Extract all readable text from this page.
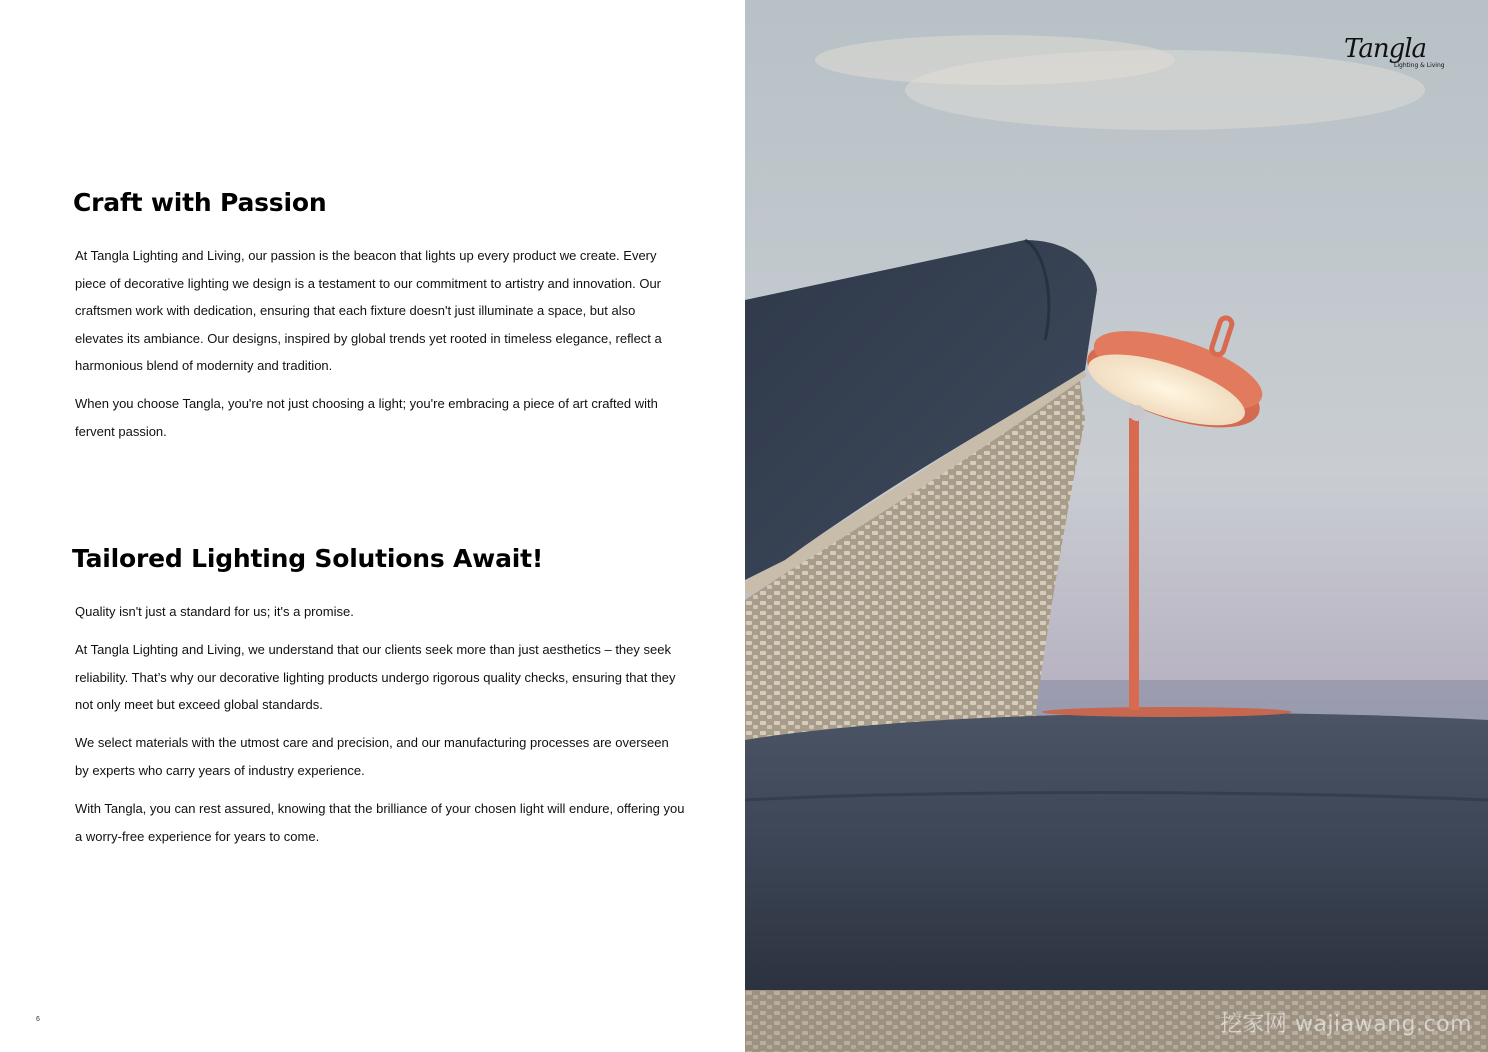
Craft with Passion

At Tangla Lighting and Living, our passion is the beacon that lights up every product we create. Every piece of decorative lighting we design is a testament to our commitment to artistry and innovation. Our craftsmen work with dedication, ensuring that each fixture doesn't just illuminate a space, but also elevates its ambiance. Our designs, inspired by global trends yet rooted in timeless elegance, reflect a harmonious blend of modernity and tradition.

When you choose Tangla, you're not just choosing a light; you're embracing a piece of art crafted with fervent passion.

Tailored Lighting Solutions Await!

Quality isn't just a standard for us; it's a promise.

At Tangla Lighting and Living, we understand that our clients seek more than just aesthetics – they seek reliability. That’s why our decorative lighting products undergo rigorous quality checks, ensuring that they not only meet but exceed global standards.

We select materials with the utmost care and precision, and our manufacturing processes are overseen by experts who carry years of industry experience.

With Tangla, you can rest assured, knowing that the brilliance of your chosen light will endure, offering you a worry-free experience for years to come.

6
Tangla
Lighting & Living
挖家网 wajiawang.com
